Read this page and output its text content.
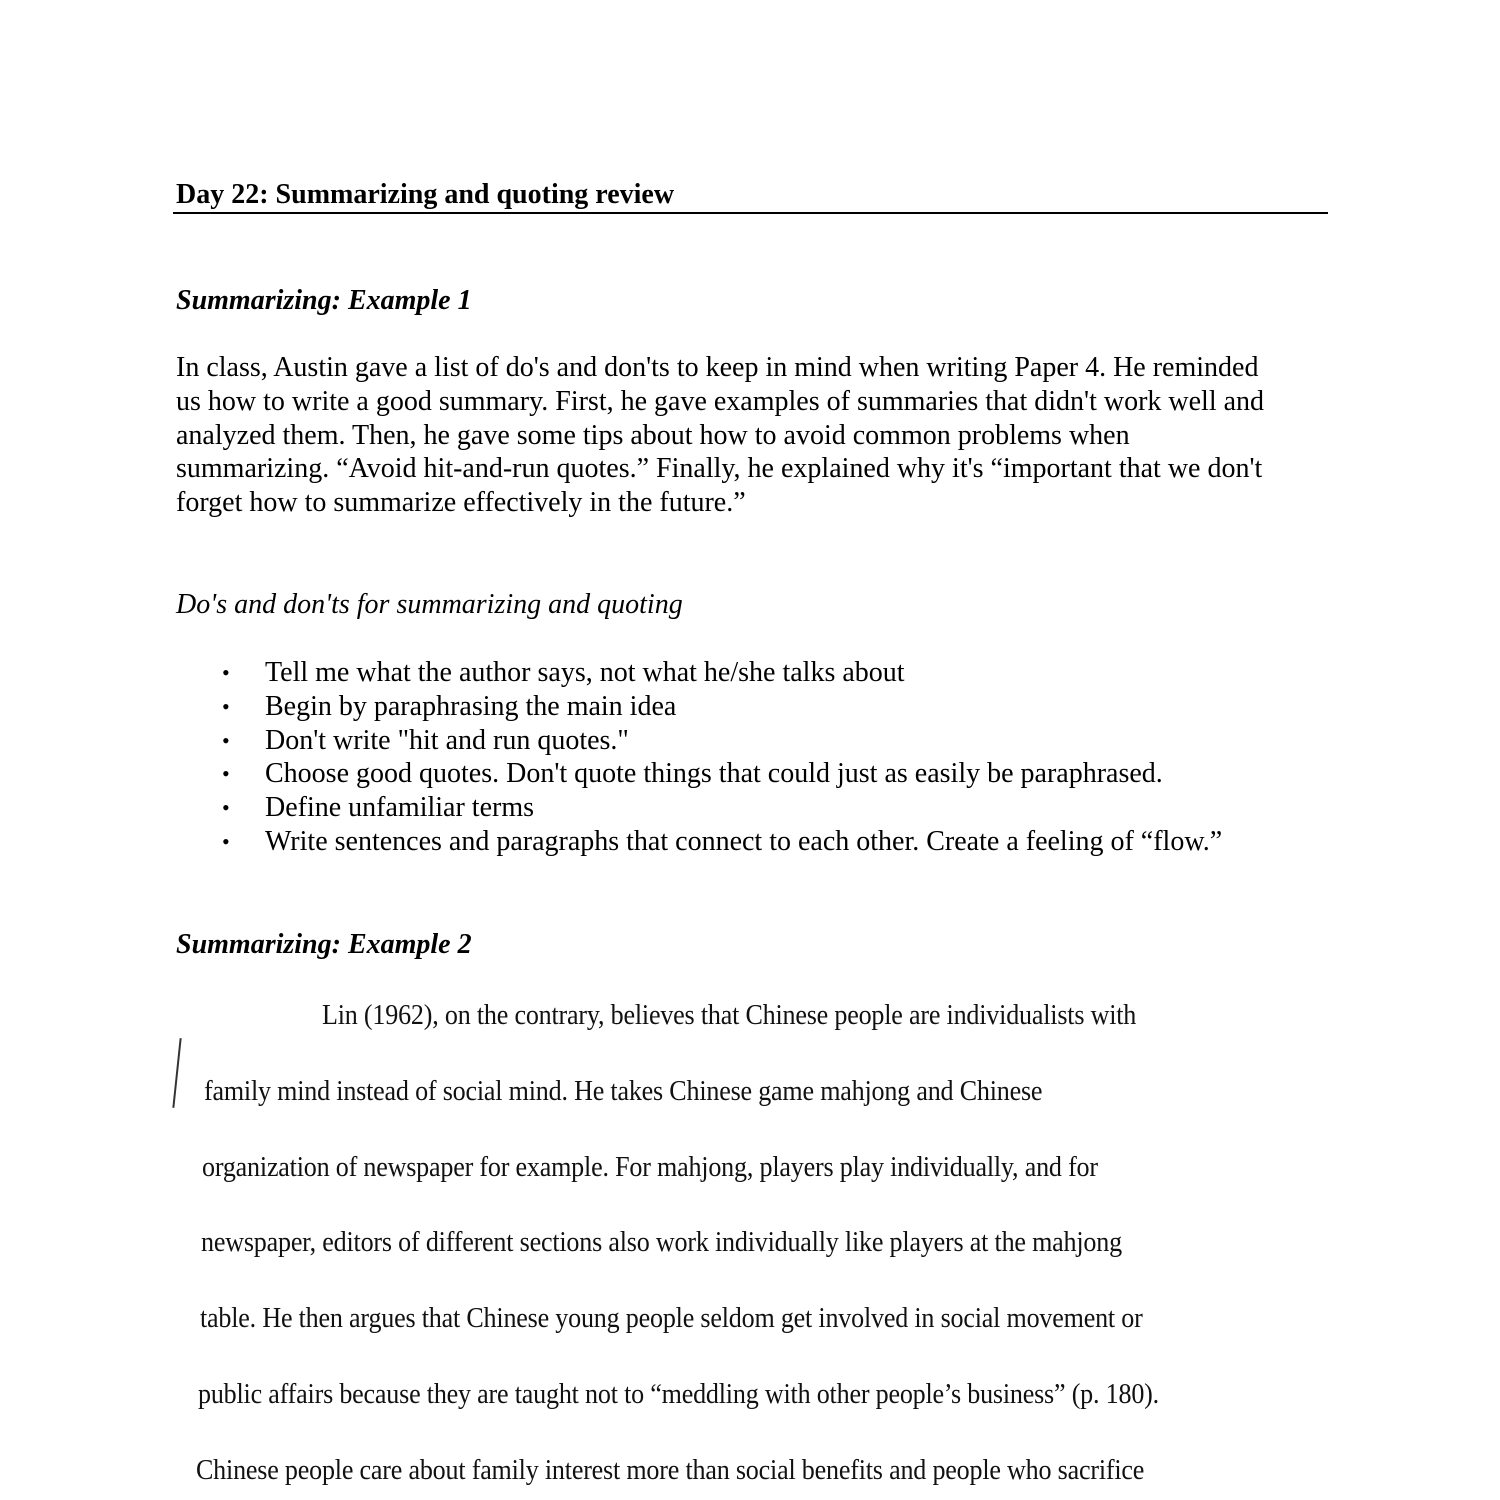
Day 22: Summarizing and quoting review
Summarizing: Example 1
In class, Austin gave a list of do's and don'ts to keep in mind when writing Paper 4. He reminded
us how to write a good summary. First, he gave examples of summaries that didn't work well and
analyzed them. Then, he gave some tips about how to avoid common problems when
summarizing. “Avoid hit-and-run quotes.” Finally, he explained why it's “important that we don't
forget how to summarize effectively in the future.”
Do's and don'ts for summarizing and quoting
• Tell me what the author says, not what he/she talks about
• Begin by paraphrasing the main idea
• Don't write "hit and run quotes."
• Choose good quotes. Don't quote things that could just as easily be paraphrased.
• Define unfamiliar terms
• Write sentences and paragraphs that connect to each other. Create a feeling of “flow.”
Summarizing: Example 2
Lin (1962), on the contrary, believes that Chinese people are individualists with
family mind instead of social mind. He takes Chinese game mahjong and Chinese
organization of newspaper for example. For mahjong, players play individually, and for
newspaper, editors of different sections also work individually like players at the mahjong
table. He then argues that Chinese young people seldom get involved in social movement or
public affairs because they are taught not to “meddling with other people’s business” (p. 180).
Chinese people care about family interest more than social benefits and people who sacrifice
